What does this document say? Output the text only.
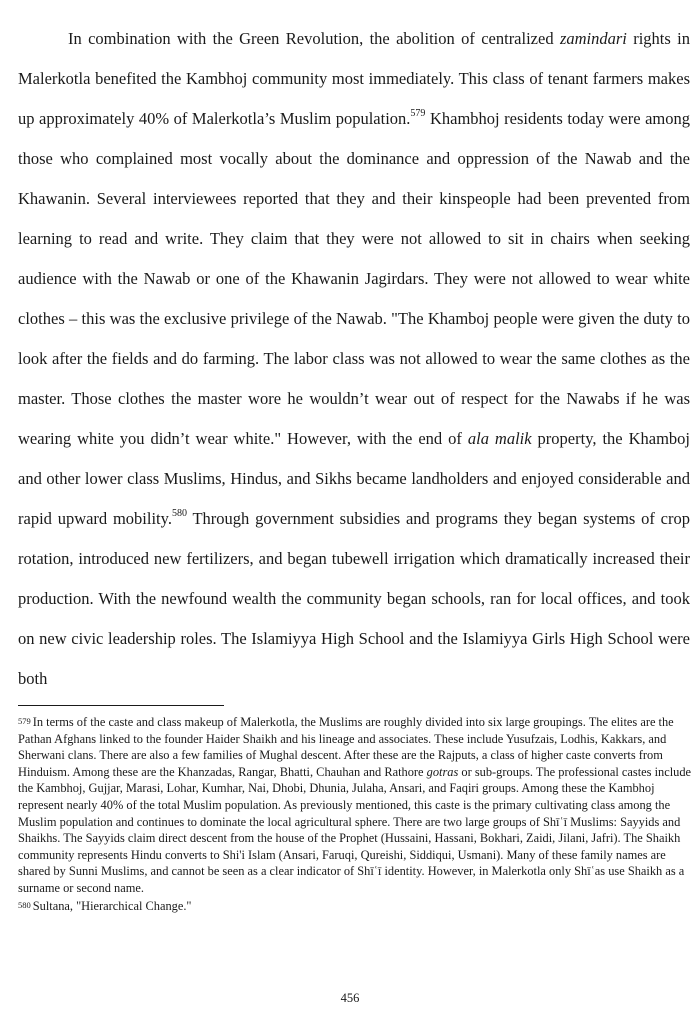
In combination with the Green Revolution, the abolition of centralized zamindari rights in Malerkotla benefited the Kambhoj community most immediately. This class of tenant farmers makes up approximately 40% of Malerkotla’s Muslim population.$^{579}$ Khambhoj residents today were among those who complained most vocally about the dominance and oppression of the Nawab and the Khawanin. Several interviewees reported that they and their kinspeople had been prevented from learning to read and write. They claim that they were not allowed to sit in chairs when seeking audience with the Nawab or one of the Khawanin Jagirdars. They were not allowed to wear white clothes – this was the exclusive privilege of the Nawab. "The Khamboj people were given the duty to look after the fields and do farming. The labor class was not allowed to wear the same clothes as the master. Those clothes the master wore he wouldn’t wear out of respect for the Nawabs if he was wearing white you didn’t wear white." However, with the end of ala malik property, the Khamboj and other lower class Muslims, Hindus, and Sikhs became landholders and enjoyed considerable and rapid upward mobility.$^{580}$ Through government subsidies and programs they began systems of crop rotation, introduced new fertilizers, and began tubewell irrigation which dramatically increased their production. With the newfound wealth the community began schools, ran for local offices, and took on new civic leadership roles. The Islamiyya High School and the Islamiyya Girls High School were both

579 In terms of the caste and class makeup of Malerkotla, the Muslims are roughly divided into six large groupings. The elites are the Pathan Afghans linked to the founder Haider Shaikh and his lineage and associates. These include Yusufzais, Lodhis, Kakkars, and Sherwani clans. There are also a few families of Mughal descent. After these are the Rajputs, a class of higher caste converts from Hinduism. Among these are the Khanzadas, Rangar, Bhatti, Chauhan and Rathore gotras or sub-groups. The professional castes include the Kambhoj, Gujjar, Marasi, Lohar, Kumhar, Nai, Dhobi, Dhunia, Julaha, Ansari, and Faqiri groups. Among these the Kambhoj represent nearly 40% of the total Muslim population. As previously mentioned, this caste is the primary cultivating class among the Muslim population and continues to dominate the local agricultural sphere. There are two large groups of Shīʿī Muslims: Sayyids and Shaikhs. The Sayyids claim direct descent from the house of the Prophet (Hussaini, Hassani, Bokhari, Zaidi, Jilani, Jafri). The Shaikh community represents Hindu converts to Shi'i Islam (Ansari, Faruqi, Qureishi, Siddiqui, Usmani). Many of these family names are shared by Sunni Muslims, and cannot be seen as a clear indicator of Shīʿī identity. However, in Malerkotla only Shīʿas use Shaikh as a surname or second name.

580 Sultana, "Hierarchical Change."

456
